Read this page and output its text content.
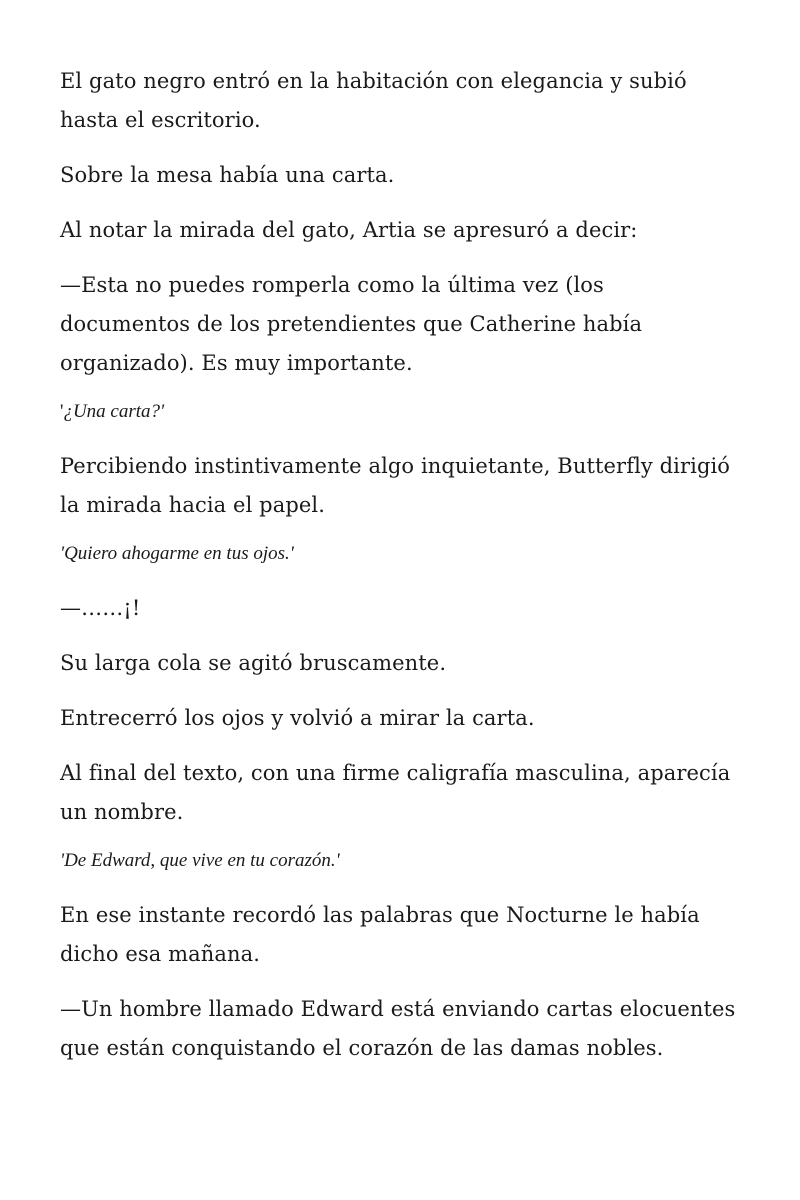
El gato negro entró en la habitación con elegancia y subió hasta el escritorio.

Sobre la mesa había una carta.

Al notar la mirada del gato, Artia se apresuró a decir:

—Esta no puedes romperla como la última vez (los documentos de los pretendientes que Catherine había organizado). Es muy importante.

'¿Una carta?'

Percibiendo instintivamente algo inquietante, Butterfly dirigió la mirada hacia el papel.

'Quiero ahogarme en tus ojos.'

—……¡!

Su larga cola se agitó bruscamente.

Entrecerró los ojos y volvió a mirar la carta.

Al final del texto, con una firme caligrafía masculina, aparecía un nombre.

'De Edward, que vive en tu corazón.'

En ese instante recordó las palabras que Nocturne le había dicho esa mañana.

—Un hombre llamado Edward está enviando cartas elocuentes que están conquistando el corazón de las damas nobles.
